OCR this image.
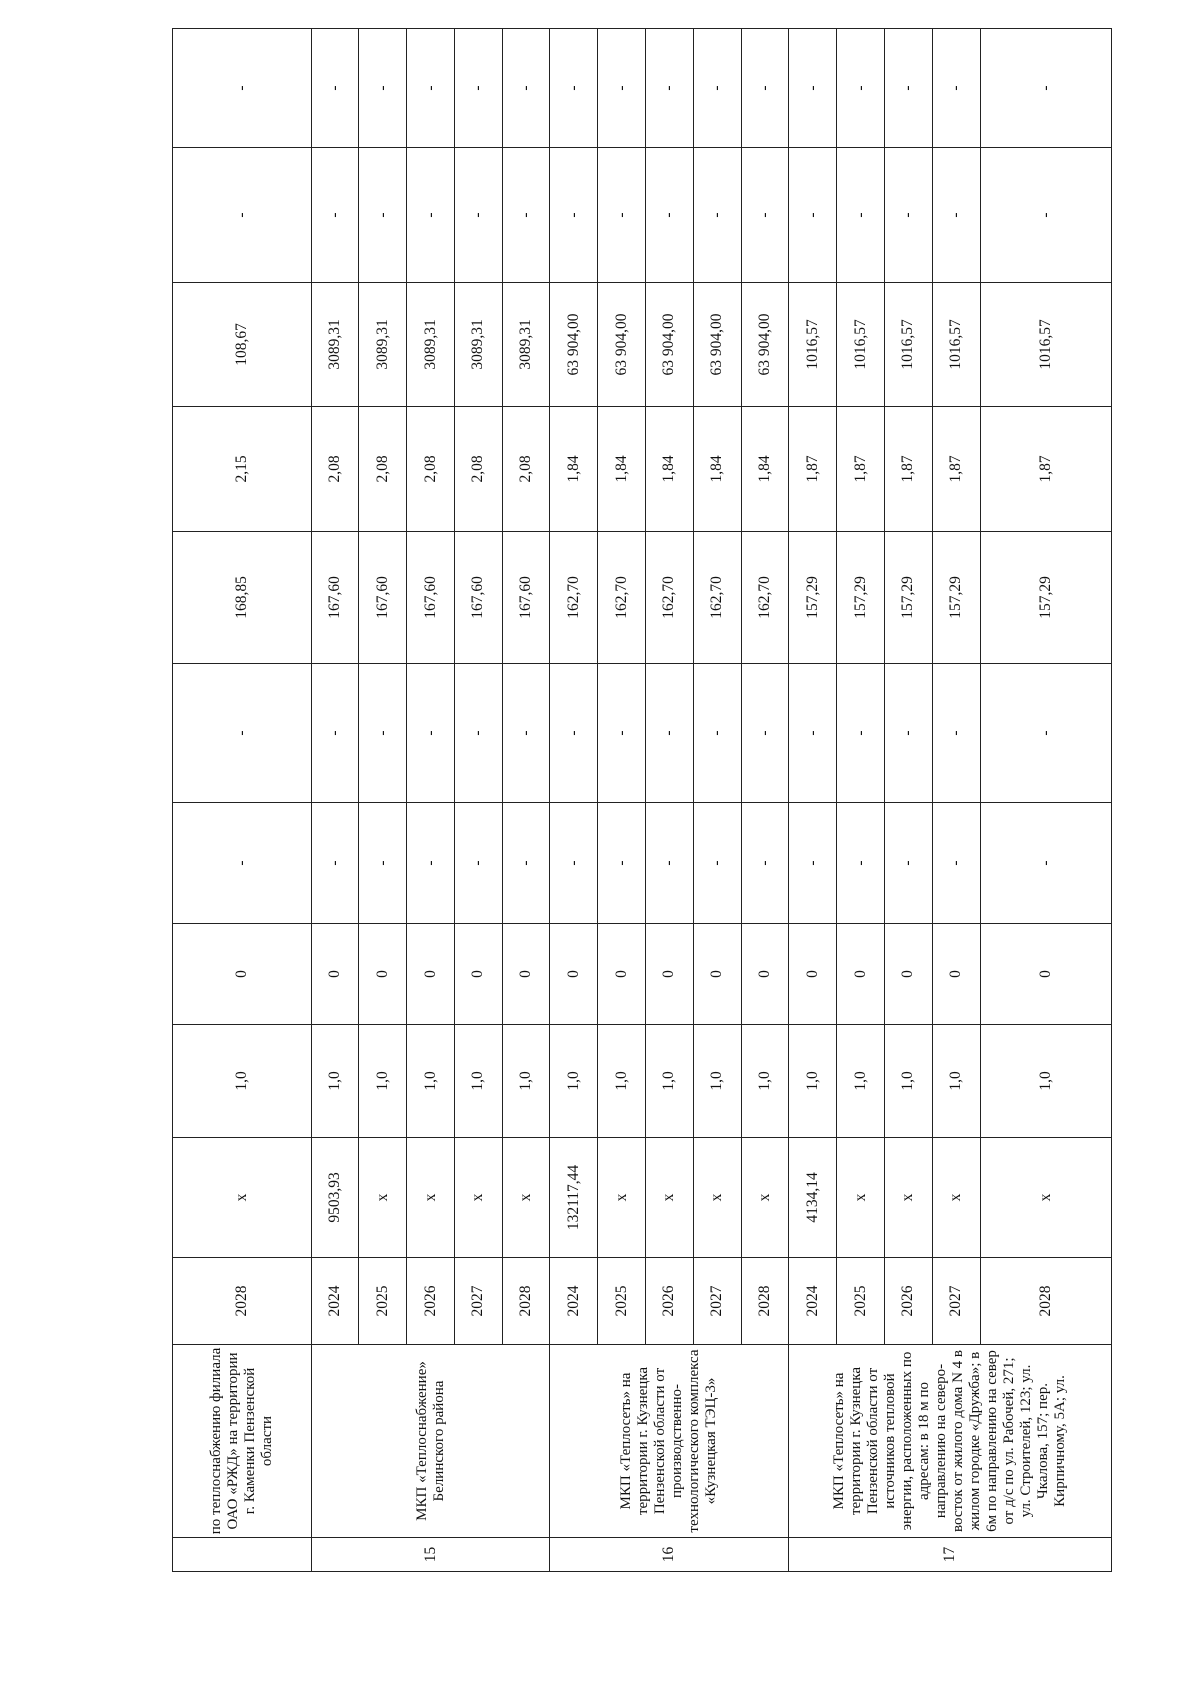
	по теплоснабжению филиала ОАО «РЖД» на территории г. Каменки Пензенской области	2028	х	1,0	0	-	-	168,85	2,15	108,67	-	-
15	МКП «Теплоснабжение» Белинского района	2024	9503,93	1,0	0	-	-	167,60	2,08	3089,31	-	-
		2025	х	1,0	0	-	-	167,60	2,08	3089,31	-	-
		2026	х	1,0	0	-	-	167,60	2,08	3089,31	-	-
		2027	х	1,0	0	-	-	167,60	2,08	3089,31	-	-
		2028	х	1,0	0	-	-	167,60	2,08	3089,31	-	-
16	МКП «Теплосеть» на территории г. Кузнецка Пензенской области от производственно-технологического комплекса «Кузнецкая ТЭЦ-3»	2024	132117,44	1,0	0	-	-	162,70	1,84	63 904,00	-	-
		2025	х	1,0	0	-	-	162,70	1,84	63 904,00	-	-
		2026	х	1,0	0	-	-	162,70	1,84	63 904,00	-	-
		2027	х	1,0	0	-	-	162,70	1,84	63 904,00	-	-
		2028	х	1,0	0	-	-	162,70	1,84	63 904,00	-	-
17	МКП «Теплосеть» на территории г. Кузнецка Пензенской области от источников тепловой энергии, расположенных по адресам: в 18 м по направлению на северо-восток от жилого дома N 4 в жилом городке «Дружба»; в 6м по направлению на север от д/с по ул. Рабочей, 271; ул. Строителей, 123; ул. Чкалова, 157; пер. Кирпичному, 5А; ул.	2024	4134,14	1,0	0	-	-	157,29	1,87	1016,57	-	-
		2025	х	1,0	0	-	-	157,29	1,87	1016,57	-	-
		2026	х	1,0	0	-	-	157,29	1,87	1016,57	-	-
		2027	х	1,0	0	-	-	157,29	1,87	1016,57	-	-
		2028	х	1,0	0	-	-	157,29	1,87	1016,57	-	-
